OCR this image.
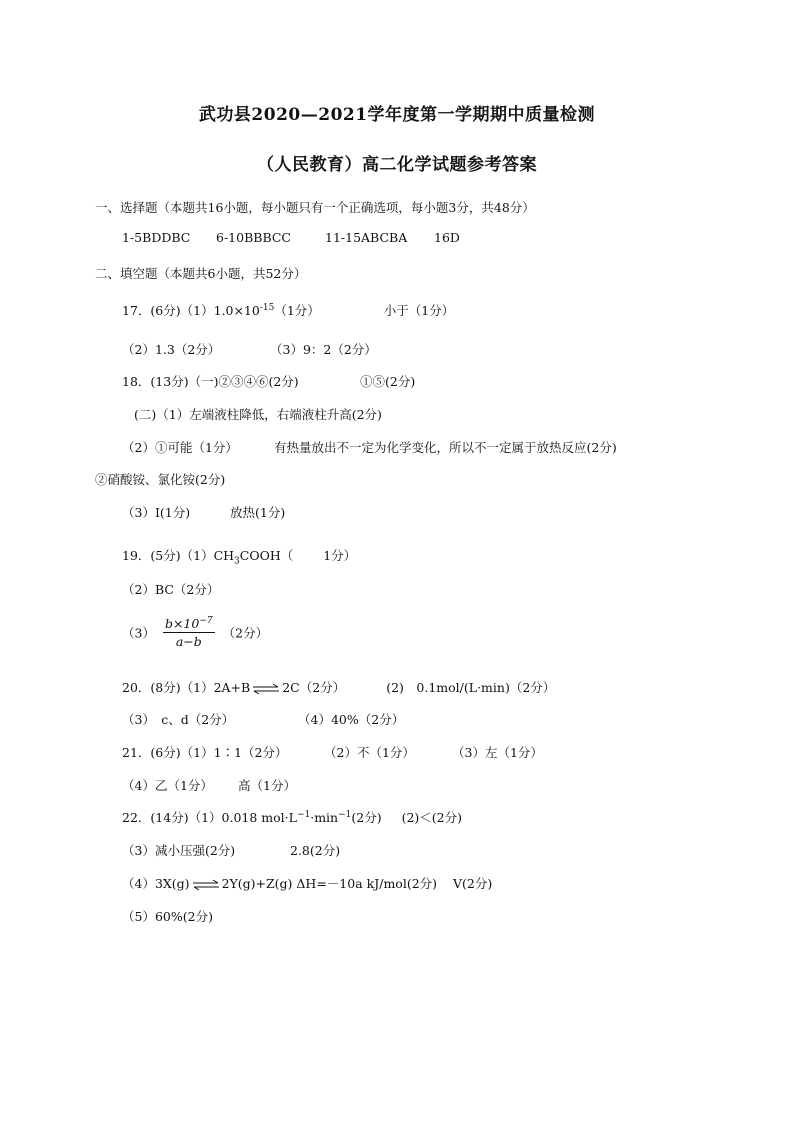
武功县2020—2021学年度第一学期期中质量检测
（人民教育）高二化学试题参考答案
一、选择题（本题共16小题，每小题只有一个正确选项，每小题3分，共48分）
1-5BDDBC 6-10BBBCC	11-15ABCBA 16D
二、填空题（本题共6小题，共52分）
17．(6分)$(1)1.0\times 10^{-15}(1$分）	小于（1分）
（2）1.3（2分）	（3）9：2（2分）
18．(13分)（一)②③④⑥(2分)	①⑤(2分)
(二)（1）左端液柱降低，右端液柱升高(2分)
（2）①可能（1分）	有热量放出不一定为化学变化，所以不一定属于放热反应(2分)
②硝酸铵、氯化铵(2分)
（3）I(1分)	放热(1分)
19．(5分)$(1)CH_3COOH$（ 1分）
（2）BC（2分）
$(3) \frac{b\times 10^{-7}}{a-b} (2$分）
20．(8分)（1）2A+B ⇌ 2C（2分）	(2)　0.1mol/(L·min)（2分）
（3）　c、d（2分）	（4）40%（2分）
21．(6分)（1）1∶1（2分）	（2）不（1分）	（3）左（1分）
（4）乙（1分） 高（1分）
22．(14分)（1）0.018 $mol\cdot L^{-1}\cdot\min^{-1}(2$分) (2)＜(2分)
（3）减小压强(2分)	2.8(2分)
（4）3X(g) ⇌ 2Y(g)+Z(g) ΔH=－10a kJ/mol(2分) V(2分)
（5）60%(2分)
